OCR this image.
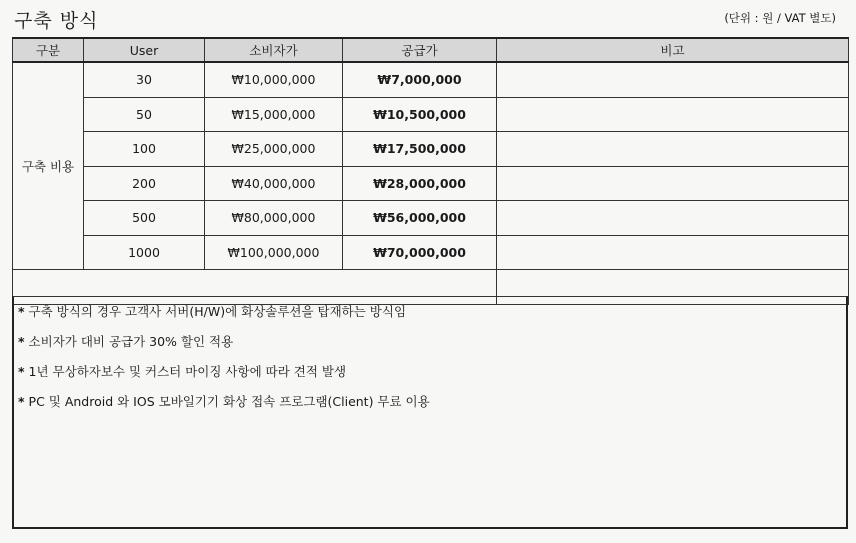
구축 방식	(단위 : 원 / VAT 별도)
구분	User	소비자가	공급가	비고
구축 비용	30	₩10,000,000	₩7,000,000	
	50	₩15,000,000	₩10,500,000	
	100	₩25,000,000	₩17,500,000	
	200	₩40,000,000	₩28,000,000	
	500	₩80,000,000	₩56,000,000	
	1000	₩100,000,000	₩70,000,000	

* 구축 방식의 경우 고객사 서버(H/W)에 화상솔루션을 탑재하는 방식임
* 소비자가 대비 공급가 30% 할인 적용
* 1년 무상하자보수 및 커스터 마이징 사항에 따라 견적 발생
* PC 및 Android 와 IOS 모바일기기 화상 접속 프로그램(Client) 무료 이용
